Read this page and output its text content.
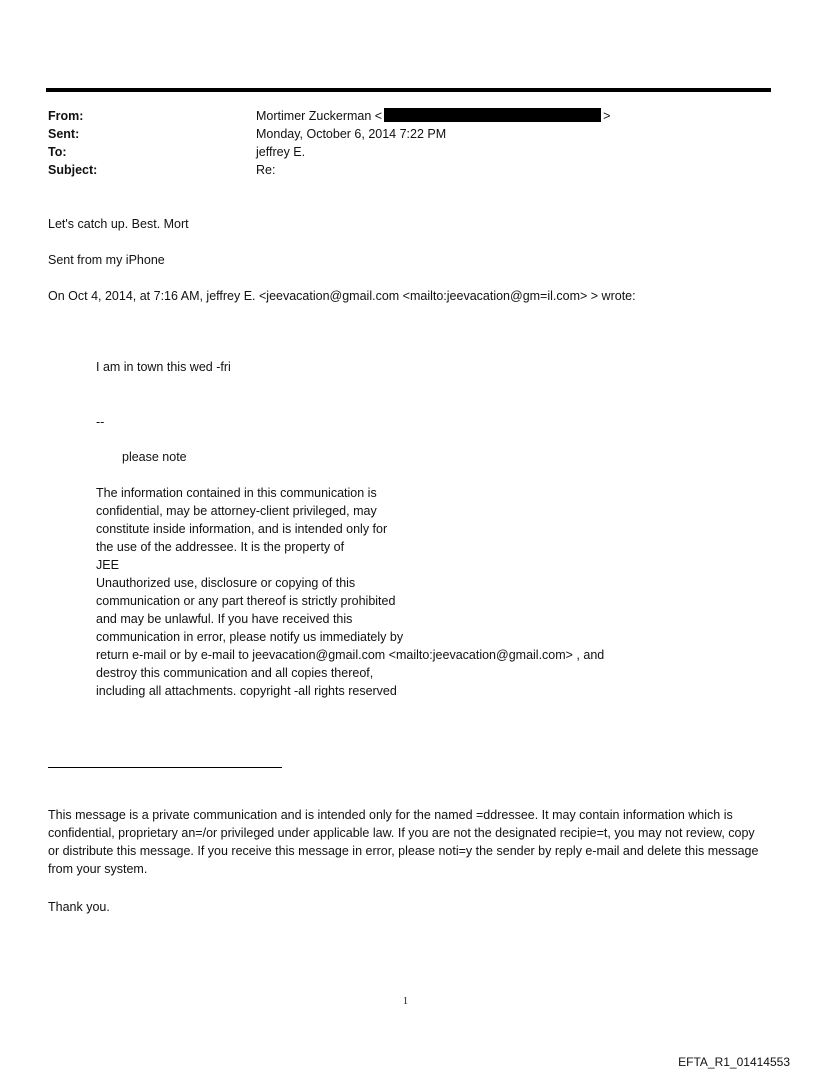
From:	Mortimer Zuckerman <	>
Sent:	Monday, October 6, 2014 7:22 PM
To:	jeffrey E.
Subject:	Re:
Let's catch up. Best. Mort
Sent from my iPhone
On Oct 4, 2014, at 7:16 AM, jeffrey E. <jeevacation@gmail.com <mailto:jeevacation@gm=il.com> > wrote:
I am in town this wed -fri
--
please note
The information contained in this communication is
confidential, may be attorney-client privileged, may
constitute inside information, and is intended only for
the use of the addressee. It is the property of
JEE
Unauthorized use, disclosure or copying of this
communication or any part thereof is strictly prohibited
and may be unlawful. If you have received this
communication in error, please notify us immediately by
return e-mail or by e-mail to jeevacation@gmail.com <mailto:jeevacation@gmail.com> , and
destroy this communication and all copies thereof,
including all attachments. copyright -all rights reserved
This message is a private communication and is intended only for the named =ddressee. It may contain information which is confidential, proprietary an=/or privileged under applicable law. If you are not the designated recipie=t, you may not review, copy or distribute this message. If you receive this message in error, please noti=y the sender by reply e-mail and delete this message from your system.
Thank you.
1
EFTA_R1_01414553
